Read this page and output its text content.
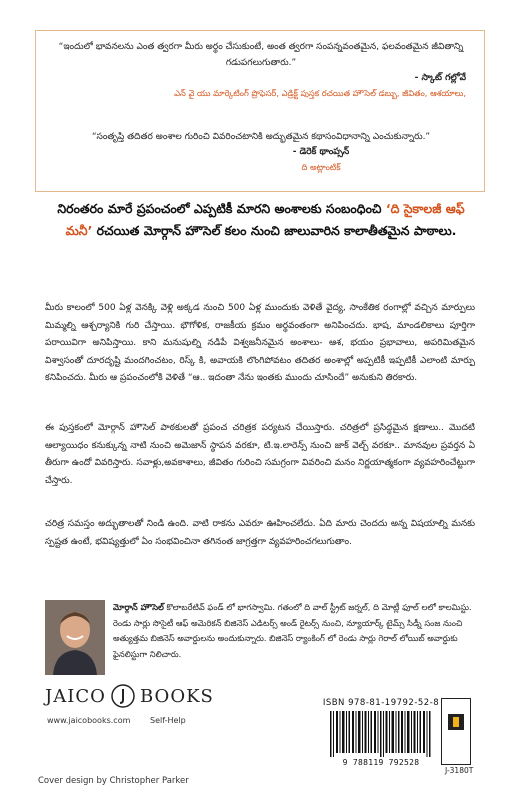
“ఇందులో భావనలను ఎంత త్వరగా మీరు అర్థం చేసుకుంటే, అంత త్వరగా సంపన్నవంతమైన, ఫలవంతమైన జీవితాన్ని గడుపగలుగుతారు.”
- స్కాట్ గల్లోవే
ఎన్ వై యు మార్కెటింగ్ ప్రొఫెసర్, ఎడ్రిక్ట్ పుస్తక రచయిత హౌసెల్ డబ్బు, జీవితం, ఆశయాలు,
“సంతృప్తి తదితర అంశాల గురించి వివరించటానికి అద్భుతమైన కథాసంవిధానాన్ని ఎంచుకున్నారు.”
- డెరెక్ థాంప్సన్
ది అట్లాంటిక్
నిరంతరం మారే ప్రపంచంలో ఎప్పటికీ మారని అంశాలకు సంబంధించి ‘ది సైకాలజీ ఆఫ్ మనీ’ రచయిత మోర్గాన్ హౌసెల్ కలం నుంచి జాలువారిన కాలాతీతమైన పాఠాలు.
మీరు కాలంలో 500 ఏళ్ల వెనక్కి వెళ్లి అక్కడ నుంచి 500 ఏళ్ల ముందుకు వెళితే వైద్య, సాంకేతిక రంగాల్లో వచ్చిన మార్పులు మిమ్మల్ని ఆశ్చర్యానికి గురి చేస్తాయి. భౌగోళిక, రాజకీయ క్రమం అర్థవంతంగా అనిపించదు. భాష, మాండలికాలు పూర్తిగా పరాయివిగా అనిపిస్తాయి. కాని మనుషుల్ని నడిపే విశ్వజనీనమైన అంశాలు- ఆశ, భయం ప్రభావాలు, అపరిమితమైన విశ్వాసంతో దూరదృష్టి మందగించటం, రిస్క్ కి, అవాయకి లొంగిపోవటం తదితర అంశాల్లో అప్పటికీ ఇప్పటికీ ఎలాంటి మార్పు కనిపించదు. మీరు ఆ ప్రపంచంలోకి వెళితే “ఆ.. ఇదంతా నేను ఇంతకు ముందు చూసిందే” అనుకుని తిరకారు.
ఈ పుస్తకంలో మోర్గాన్ హౌసెల్ పాఠకులతో ప్రపంచ చరిత్రక పర్యటన చేయిస్తారు. చరిత్రలో ప్రసిద్ధమైన క్షణాలు.. మొదటి ఆల్యాయిధం కనుక్కున్న నాటి నుంచి అమెజాన్ స్థాపన వరకూ, టి.ఇ.లారెన్స్ నుంచి జాక్ వెల్చ్ వరకూ.. మానవుల ప్రవర్తన ఏ తీరుగా ఉందో వివరిస్తారు. సవాళ్లు,అవకాశాలు, జీవితం గురించి సమగ్రంగా వివరించి మనం నిర్ణయాత్మకంగా వ్యవహరించేట్టుగా చేస్తారు.
చరిత్ర సమస్తం అద్భుతాలతో నిండి ఉంది. వాటి రాకను ఎవరూ ఊహించలేదు. ఏది మారు చెందదు అన్న విషయాల్ని మనకు స్పష్టత ఉంటే, భవిష్యత్తులో ఏం సంభవించినా తగినంత జాగ్రత్తగా వ్యవహరించగలుగుతాం.
మోర్గాన్ హౌసెల్ కొలాబరేటివ్ ఫండ్ లో భాగస్వామి. గతంలో ది వాల్ స్ట్రీట్ జర్నల్, ది మోట్లీ ఫూల్ లలో కాలమిస్టు. రెండు సార్లు సొసైటీ ఆఫ్ అమెరికన్ బిజినెస్ ఎడిటర్స్ అండ్ రైటర్స్ నుంచి, న్యూయార్క్ టైమ్స్ సిడ్నీ సంజ నుంచి అత్యుత్తమ బిజినెస్ అవార్డులను అందుకున్నారు. బిజినెస్ ర్యాంకింగ్ లో రెండు సార్లు గెరాల్ లోయిబ్ అవార్డుకు ఫైనలిస్టుగా నిలిచారు.
JAICO BOOKS
www.jaicobooks.com Self-Help
ISBN 978-81-19792-52-8
9 788119 792528
J-3180T
Cover design by Christopher Parker
